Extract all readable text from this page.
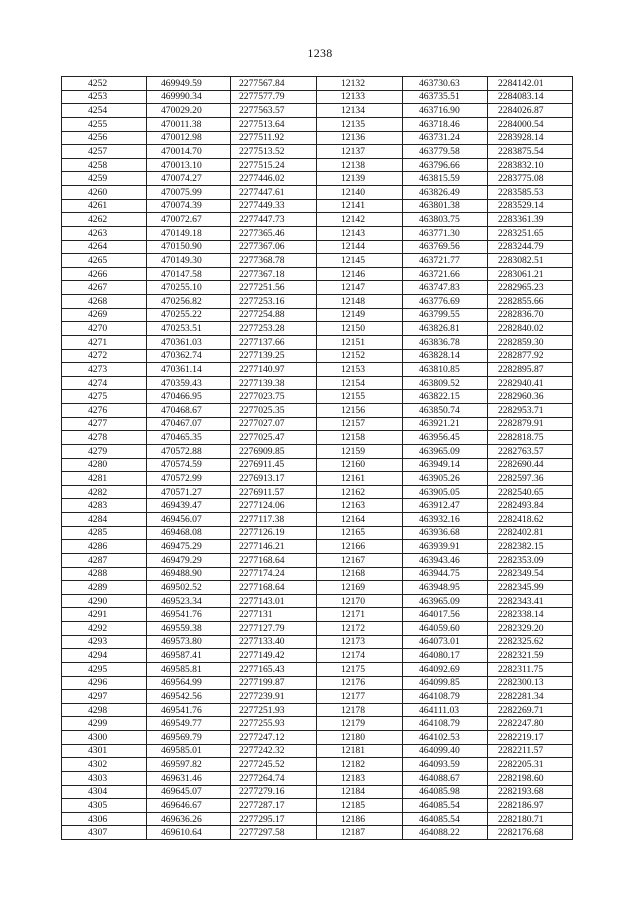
1238
4252	469949.59	2277567.84	12132	463730.63	2284142.01
4253	469990.34	2277577.79	12133	463735.51	2284083.14
4254	470029.20	2277563.57	12134	463716.90	2284026.87
4255	470011.38	2277513.64	12135	463718.46	2284000.54
4256	470012.98	2277511.92	12136	463731.24	2283928.14
4257	470014.70	2277513.52	12137	463779.58	2283875.54
4258	470013.10	2277515.24	12138	463796.66	2283832.10
4259	470074.27	2277446.02	12139	463815.59	2283775.08
4260	470075.99	2277447.61	12140	463826.49	2283585.53
4261	470074.39	2277449.33	12141	463801.38	2283529.14
4262	470072.67	2277447.73	12142	463803.75	2283361.39
4263	470149.18	2277365.46	12143	463771.30	2283251.65
4264	470150.90	2277367.06	12144	463769.56	2283244.79
4265	470149.30	2277368.78	12145	463721.77	2283082.51
4266	470147.58	2277367.18	12146	463721.66	2283061.21
4267	470255.10	2277251.56	12147	463747.83	2282965.23
4268	470256.82	2277253.16	12148	463776.69	2282855.66
4269	470255.22	2277254.88	12149	463799.55	2282836.70
4270	470253.51	2277253.28	12150	463826.81	2282840.02
4271	470361.03	2277137.66	12151	463836.78	2282859.30
4272	470362.74	2277139.25	12152	463828.14	2282877.92
4273	470361.14	2277140.97	12153	463810.85	2282895.87
4274	470359.43	2277139.38	12154	463809.52	2282940.41
4275	470466.95	2277023.75	12155	463822.15	2282960.36
4276	470468.67	2277025.35	12156	463850.74	2282953.71
4277	470467.07	2277027.07	12157	463921.21	2282879.91
4278	470465.35	2277025.47	12158	463956.45	2282818.75
4279	470572.88	2276909.85	12159	463965.09	2282763.57
4280	470574.59	2276911.45	12160	463949.14	2282690.44
4281	470572.99	2276913.17	12161	463905.26	2282597.36
4282	470571.27	2276911.57	12162	463905.05	2282540.65
4283	469439.47	2277124.06	12163	463912.47	2282493.84
4284	469456.07	2277117.38	12164	463932.16	2282418.62
4285	469468.08	2277126.19	12165	463936.68	2282402.81
4286	469475.29	2277146.21	12166	463939.91	2282382.15
4287	469479.29	2277168.64	12167	463943.46	2282353.09
4288	469488.90	2277174.24	12168	463944.75	2282349.54
4289	469502.52	2277168.64	12169	463948.95	2282345.99
4290	469523.34	2277143.01	12170	463965.09	2282343.41
4291	469541.76	2277131	12171	464017.56	2282338.14
4292	469559.38	2277127.79	12172	464059.60	2282329.20
4293	469573.80	2277133.40	12173	464073.01	2282325.62
4294	469587.41	2277149.42	12174	464080.17	2282321.59
4295	469585.81	2277165.43	12175	464092.69	2282311.75
4296	469564.99	2277199.87	12176	464099.85	2282300.13
4297	469542.56	2277239.91	12177	464108.79	2282281.34
4298	469541.76	2277251.93	12178	464111.03	2282269.71
4299	469549.77	2277255.93	12179	464108.79	2282247.80
4300	469569.79	2277247.12	12180	464102.53	2282219.17
4301	469585.01	2277242.32	12181	464099.40	2282211.57
4302	469597.82	2277245.52	12182	464093.59	2282205.31
4303	469631.46	2277264.74	12183	464088.67	2282198.60
4304	469645.07	2277279.16	12184	464085.98	2282193.68
4305	469646.67	2277287.17	12185	464085.54	2282186.97
4306	469636.26	2277295.17	12186	464085.54	2282180.71
4307	469610.64	2277297.58	12187	464088.22	2282176.68
